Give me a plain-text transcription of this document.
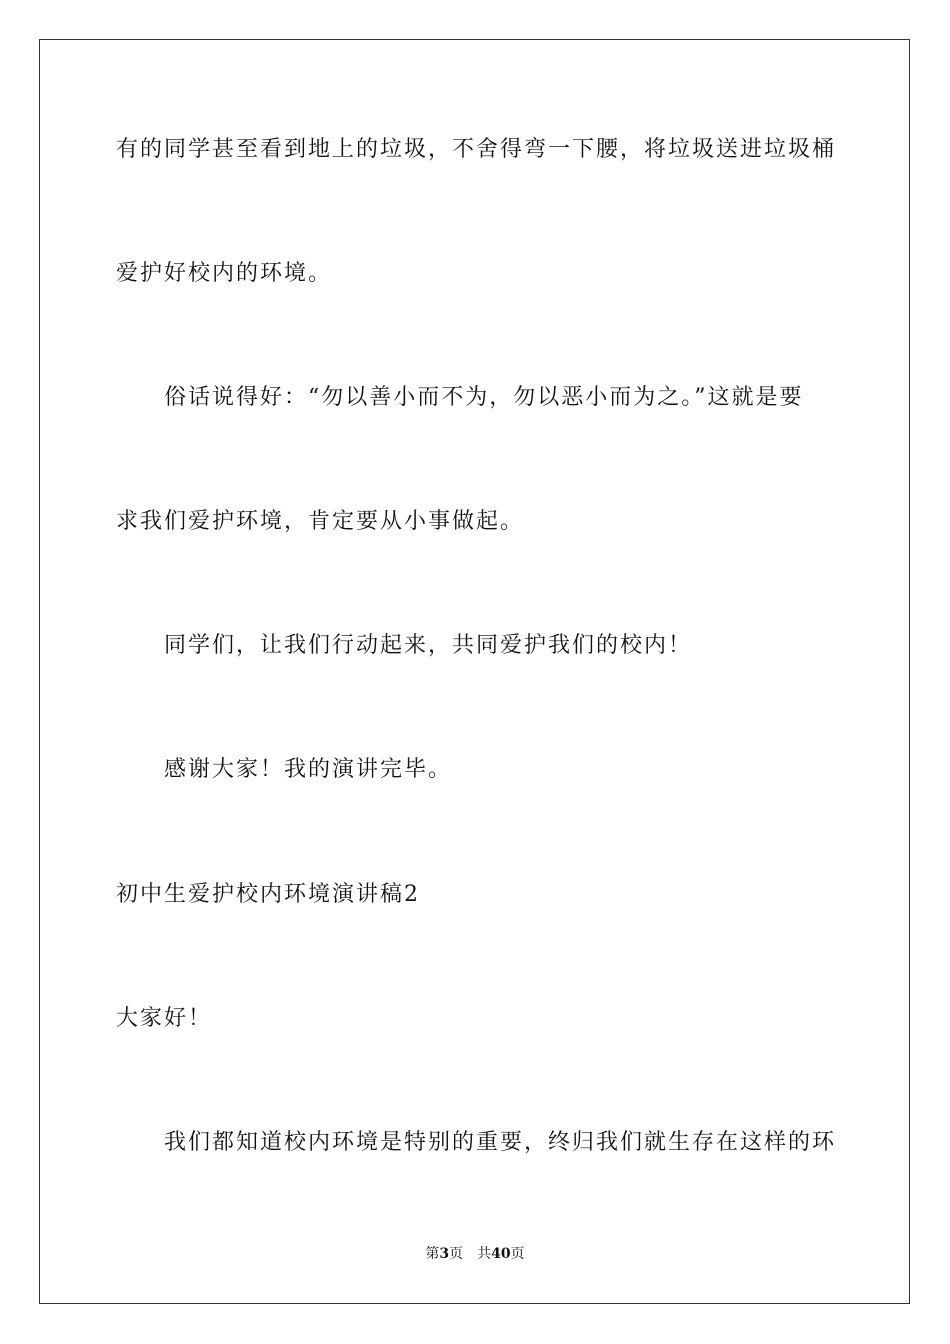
有的同学甚至看到地上的垃圾，不舍得弯一下腰，将垃圾送进垃圾桶
爱护好校内的环境。
俗话说得好：“勿以善小而不为，勿以恶小而为之。”这就是要
求我们爱护环境，肯定要从小事做起。
同学们，让我们行动起来，共同爱护我们的校内！
感谢大家！我的演讲完毕。
初中生爱护校内环境演讲稿2
大家好！
我们都知道校内环境是特别的重要，终归我们就生存在这样的环
第3页 共40页
